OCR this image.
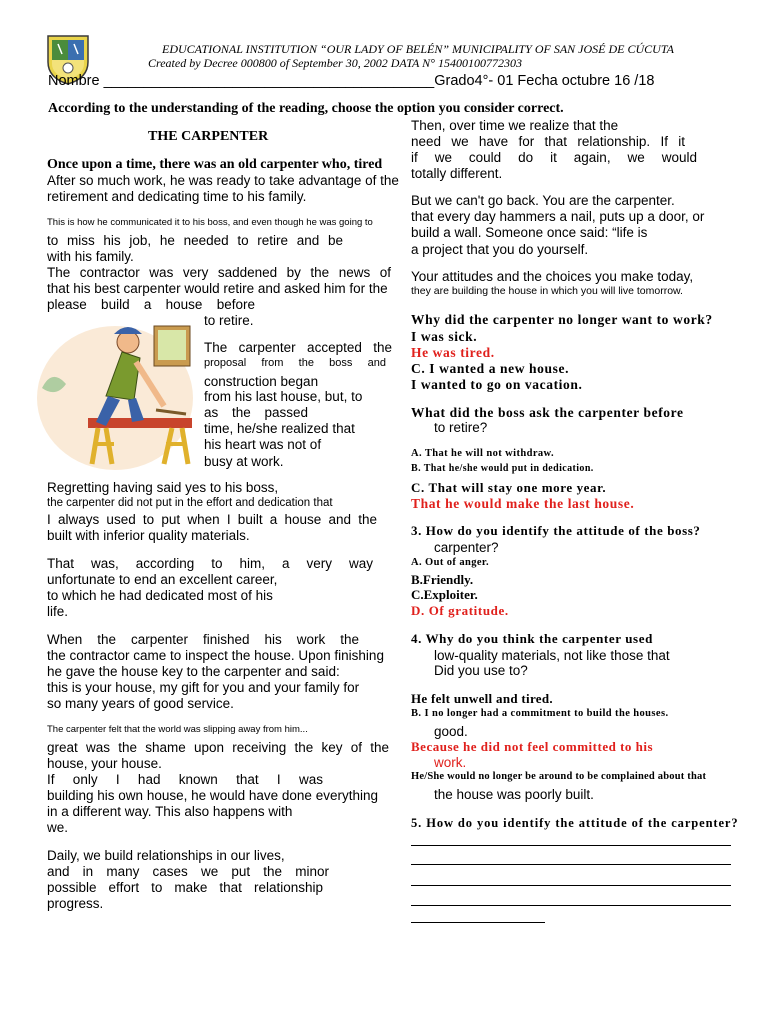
EDUCATIONAL INSTITUTION “OUR LADY OF BELÉN” MUNICIPALITY OF SAN JOSÉ DE CÚCUTA
Created by Decree 000800 of September 30, 2002 DATA N° 15400100772303
Nombre _________________________________________Grado4°- 01 Fecha octubre 16 /18
According to the understanding of the reading, choose the option you consider correct.
THE CARPENTER
Once upon a time, there was an old carpenter who, tired
After so much work, he was ready to take advantage of the
retirement and dedicating time to his family.
This is how he communicated it to his boss, and even though he was going to
to miss his job, he needed to retire and be
with his family.
The contractor was very saddened by the news of
that his best carpenter would retire and asked him for the
please build a house before
to retire.
The carpenter accepted the
proposal from the boss and
construction began
from his last house, but, to
as the passed
time, he/she realized that
his heart was not of
busy at work.
Regretting having said yes to his boss,
the carpenter did not put in the effort and dedication that
I always used to put when I built a house and the
built with inferior quality materials.
That was, according to him, a very way
unfortunate to end an excellent career,
to which he had dedicated most of his
life.
When the carpenter finished his work the
the contractor came to inspect the house. Upon finishing
he gave the house key to the carpenter and said:
this is your house, my gift for you and your family for
so many years of good service.
The carpenter felt that the world was slipping away from him...
great was the shame upon receiving the key of the
house, your house.
If only I had known that I was
building his own house, he would have done everything
in a different way. This also happens with
we.
Daily, we build relationships in our lives,
and in many cases we put the minor
possible effort to make that relationship
progress.
Then, over time we realize that the
need we have for that relationship. If it
if we could do it again, we would
totally different.
But we can't go back. You are the carpenter.
that every day hammers a nail, puts up a door, or
build a wall. Someone once said: “life is
a project that you do yourself.
Your attitudes and the choices you make today,
they are building the house in which you will live tomorrow.
Why did the carpenter no longer want to work?
I was sick.
He was tired.
C. I wanted a new house.
I wanted to go on vacation.
What did the boss ask the carpenter before
to retire?
A. That he will not withdraw.
B. That he/she would put in dedication.
C. That will stay one more year.
That he would make the last house.
3. How do you identify the attitude of the boss?
carpenter?
A. Out of anger.
B.Friendly.
C.Exploiter.
D. Of gratitude.
4. Why do you think the carpenter used
low-quality materials, not like those that
Did you use to?
He felt unwell and tired.
B. I no longer had a commitment to build the houses.
good.
Because he did not feel committed to his
work.
He/She would no longer be around to be complained about that
the house was poorly built.
5. How do you identify the attitude of the carpenter?
